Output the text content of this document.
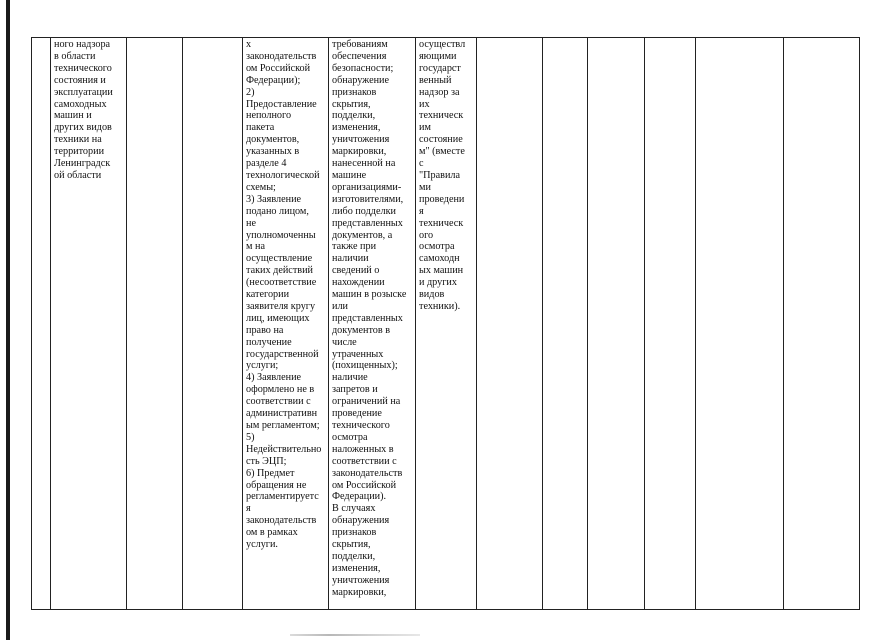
ного надзора
в области
технического
состояния и
эксплуатации
самоходных
машин и
других видов
техники на
территории
Ленинградск
ой области
х
законодательств
ом Российской
Федерации);
2)
Предоставление
неполного
пакета
документов,
указанных в
разделе 4
технологической
схемы;
3) Заявление
подано лицом,
не
уполномоченны
м на
осуществление
таких действий
(несоответствие
категории
заявителя кругу
лиц, имеющих
право на
получение
государственной
услуги;
4) Заявление
оформлено не в
соответствии с
административн
ым регламентом;
5)
Недействительно
сть ЭЦП;
6) Предмет
обращения не
регламентируетс
я
законодательств
ом в рамках
услуги.
требованиям
обеспечения
безопасности;
обнаружение
признаков
скрытия,
подделки,
изменения,
уничтожения
маркировки,
нанесенной на
машине
организациями-
изготовителями,
либо подделки
представленных
документов, а
также при
наличии
сведений о
нахождении
машин в розыске
или
представленных
документов в
числе
утраченных
(похищенных);
наличие
запретов и
ограничений на
проведение
технического
осмотра
наложенных в
соответствии с
законодательств
ом Российской
Федерации).
В случаях
обнаружения
признаков
скрытия,
подделки,
изменения,
уничтожения
маркировки,
осуществл
яющими
государст
венный
надзор за
их
техническ
им
состояние
м" (вместе
с
"Правила
ми
проведени
я
техническ
ого
осмотра
самоходн
ых машин
и других
видов
техники).
